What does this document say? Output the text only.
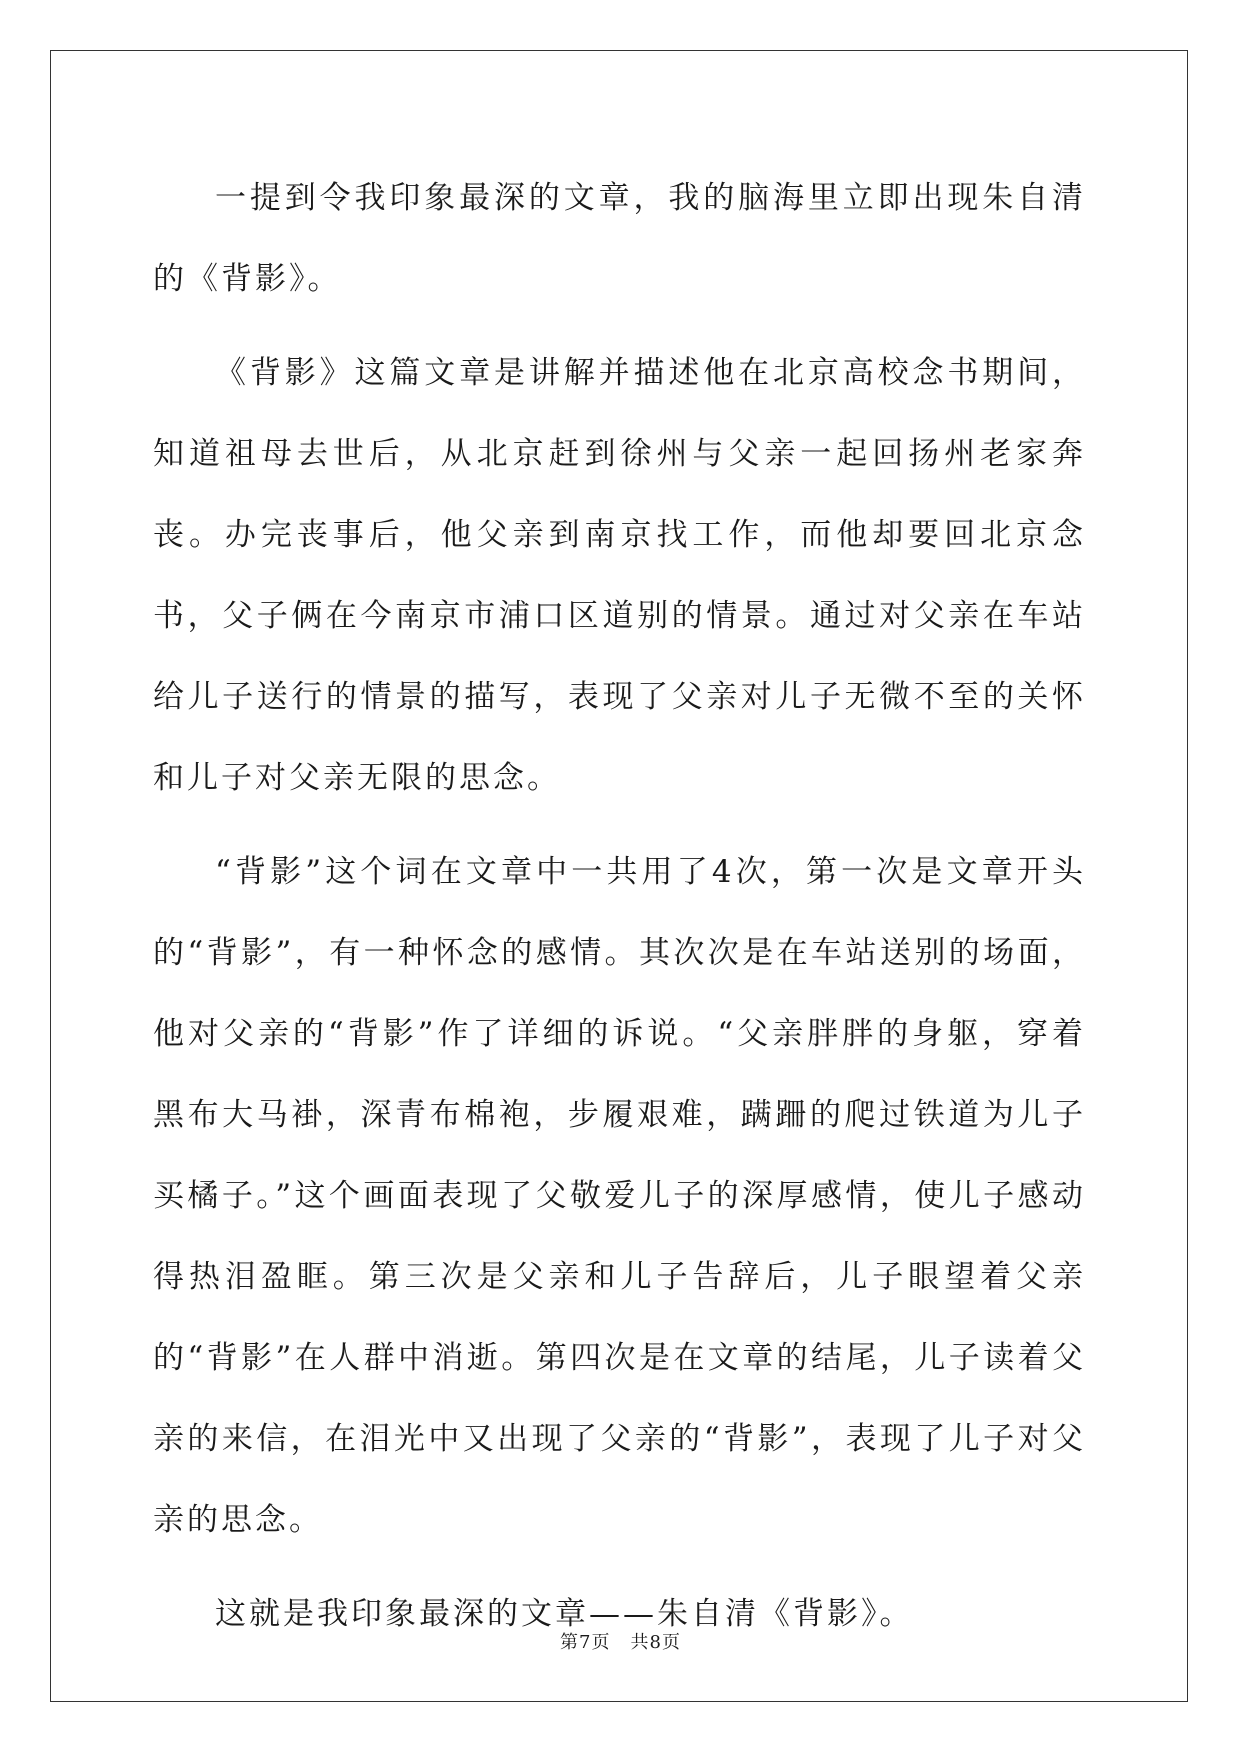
一提到令我印象最深的文章，我的脑海里立即出现朱自清的《背影》。

《背影》这篇文章是讲解并描述他在北京高校念书期间，知道祖母去世后，从北京赶到徐州与父亲一起回扬州老家奔丧。办完丧事后，他父亲到南京找工作，而他却要回北京念书，父子俩在今南京市浦口区道别的情景。通过对父亲在车站给儿子送行的情景的描写，表现了父亲对儿子无微不至的关怀和儿子对父亲无限的思念。

“背影”这个词在文章中一共用了4次，第一次是文章开头的“背影”，有一种怀念的感情。其次次是在车站送别的场面，他对父亲的“背影”作了详细的诉说。“父亲胖胖的身躯，穿着黑布大马褂，深青布棉袍，步履艰难，蹒跚的爬过铁道为儿子买橘子。”这个画面表现了父敬爱儿子的深厚感情，使儿子感动得热泪盈眶。第三次是父亲和儿子告辞后，儿子眼望着父亲的“背影”在人群中消逝。第四次是在文章的结尾，儿子读着父亲的来信，在泪光中又出现了父亲的“背影”，表现了儿子对父亲的思念。

这就是我印象最深的文章——朱自清《背影》。

第7页 共8页
